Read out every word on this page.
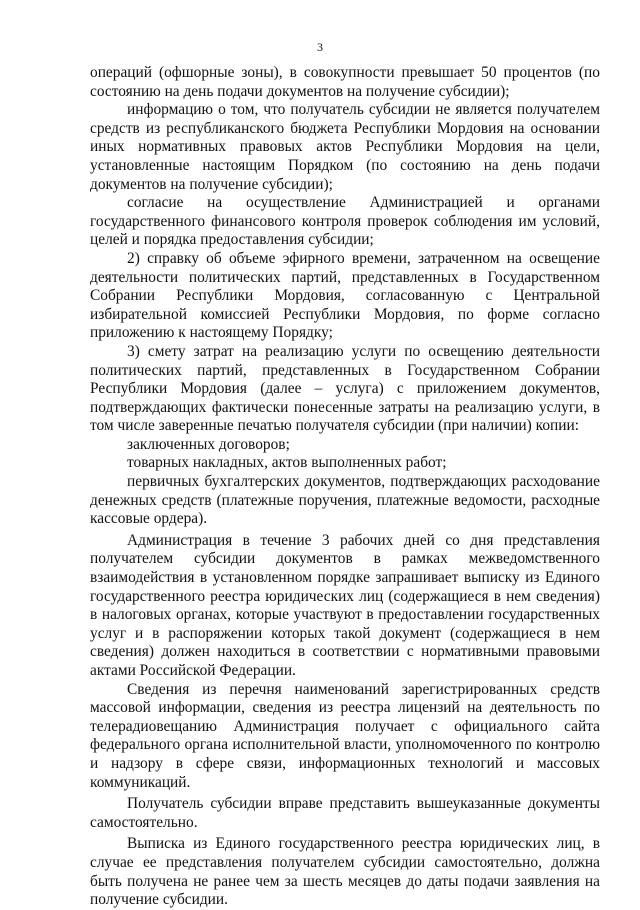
3

операций (офшорные зоны), в совокупности превышает 50 процентов (по состоянию на день подачи документов на получение субсидии);

информацию о том, что получатель субсидии не является получателем средств из республиканского бюджета Республики Мордовия на основании иных нормативных правовых актов Республики Мордовия на цели, установленные настоящим Порядком (по состоянию на день подачи документов на получение субсидии);

согласие на осуществление Администрацией и органами государственного финансового контроля проверок соблюдения им условий, целей и порядка предоставления субсидии;

2) справку об объеме эфирного времени, затраченном на освещение деятельности политических партий, представленных в Государственном Собрании Республики Мордовия, согласованную с Центральной избирательной комиссией Республики Мордовия, по форме согласно приложению к настоящему Порядку;

3) смету затрат на реализацию услуги по освещению деятельности политических партий, представленных в Государственном Собрании Республики Мордовия (далее – услуга) с приложением документов, подтверждающих фактически понесенные затраты на реализацию услуги, в том числе заверенные печатью получателя субсидии (при наличии) копии:

заключенных договоров;

товарных накладных, актов выполненных работ;

первичных бухгалтерских документов, подтверждающих расходование денежных средств (платежные поручения, платежные ведомости, расходные кассовые ордера).

Администрация в течение 3 рабочих дней со дня представления получателем субсидии документов в рамках межведомственного взаимодействия в установленном порядке запрашивает выписку из Единого государственного реестра юридических лиц (содержащиеся в нем сведения) в налоговых органах, которые участвуют в предоставлении государственных услуг и в распоряжении которых такой документ (содержащиеся в нем сведения) должен находиться в соответствии с нормативными правовыми актами Российской Федерации.

Сведения из перечня наименований зарегистрированных средств массовой информации, сведения из реестра лицензий на деятельность по телерадиовещанию Администрация получает с официального сайта федерального органа исполнительной власти, уполномоченного по контролю и надзору в сфере связи, информационных технологий и массовых коммуникаций.

Получатель субсидии вправе представить вышеуказанные документы самостоятельно.

Выписка из Единого государственного реестра юридических лиц, в случае ее представления получателем субсидии самостоятельно, должна быть получена не ранее чем за шесть месяцев до даты подачи заявления на получение субсидии.
